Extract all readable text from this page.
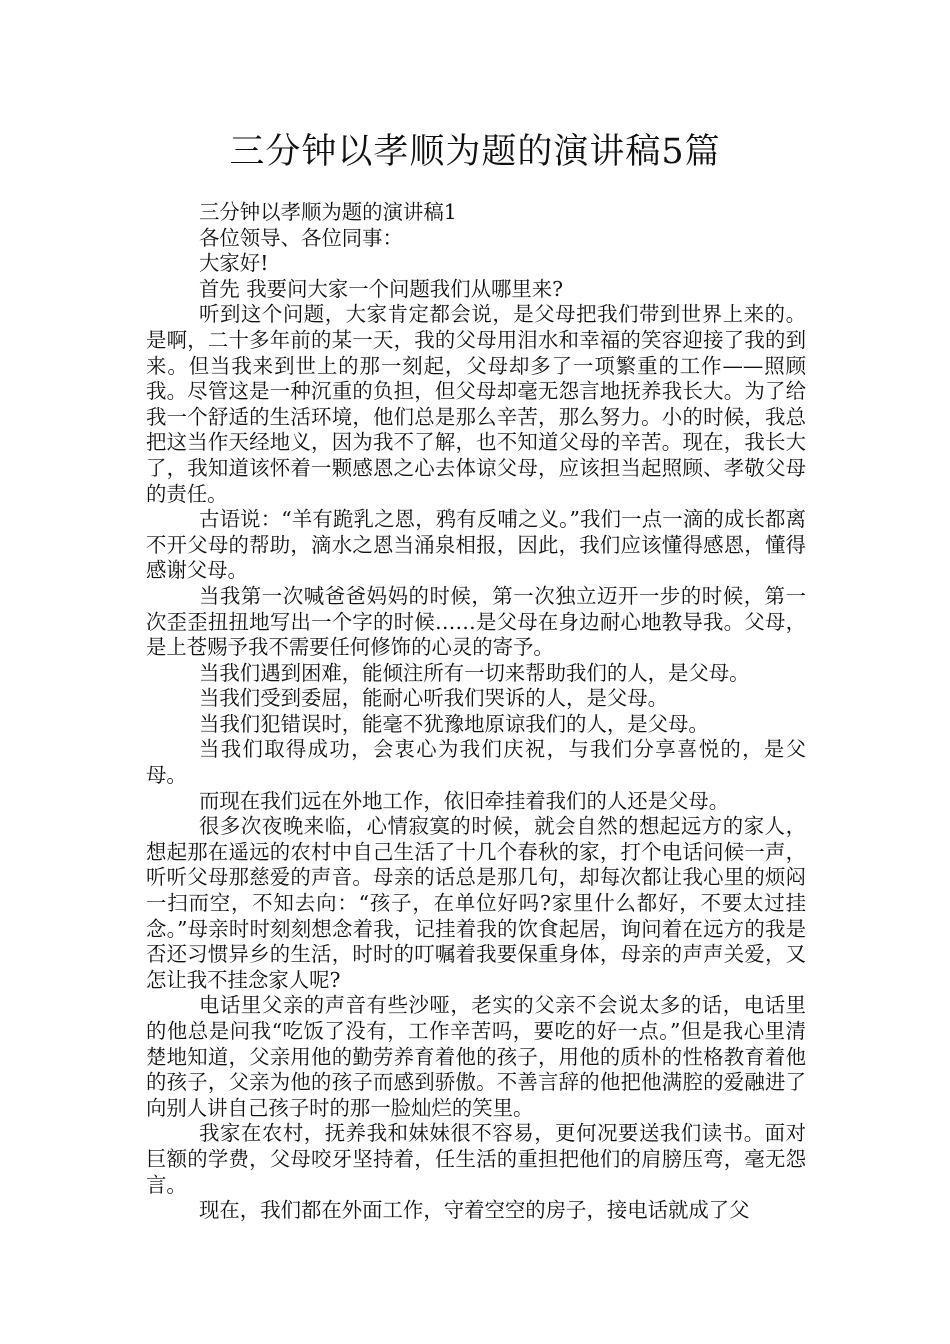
三分钟以孝顺为题的演讲稿5篇

三分钟以孝顺为题的演讲稿1

各位领导、各位同事：

大家好!

首先 我要问大家一个问题我们从哪里来?

听到这个问题，大家肯定都会说，是父母把我们带到世界上来的。是啊，二十多年前的某一天，我的父母用泪水和幸福的笑容迎接了我的到来。但当我来到世上的那一刻起，父母却多了一项繁重的工作——照顾我。尽管这是一种沉重的负担，但父母却毫无怨言地抚养我长大。为了给我一个舒适的生活环境，他们总是那么辛苦，那么努力。小的时候，我总把这当作天经地义，因为我不了解，也不知道父母的辛苦。现在，我长大了，我知道该怀着一颗感恩之心去体谅父母，应该担当起照顾、孝敬父母的责任。

古语说：“羊有跪乳之恩，鸦有反哺之义。”我们一点一滴的成长都离不开父母的帮助，滴水之恩当涌泉相报，因此，我们应该懂得感恩，懂得感谢父母。

当我第一次喊爸爸妈妈的时候，第一次独立迈开一步的时候，第一次歪歪扭扭地写出一个字的时候……是父母在身边耐心地教导我。父母，是上苍赐予我不需要任何修饰的心灵的寄予。

当我们遇到困难，能倾注所有一切来帮助我们的人，是父母。

当我们受到委屈，能耐心听我们哭诉的人，是父母。

当我们犯错误时，能毫不犹豫地原谅我们的人，是父母。

当我们取得成功，会衷心为我们庆祝，与我们分享喜悦的，是父母。

而现在我们远在外地工作，依旧牵挂着我们的人还是父母。

很多次夜晚来临，心情寂寞的时候，就会自然的想起远方的家人，想起那在遥远的农村中自己生活了十几个春秋的家，打个电话问候一声，听听父母那慈爱的声音。母亲的话总是那几句，却每次都让我心里的烦闷一扫而空，不知去向：“孩子，在单位好吗?家里什么都好，不要太过挂念。”母亲时时刻刻想念着我，记挂着我的饮食起居，询问着在远方的我是否还习惯异乡的生活，时时的叮嘱着我要保重身体，母亲的声声关爱，又怎让我不挂念家人呢?

电话里父亲的声音有些沙哑，老实的父亲不会说太多的话，电话里的他总是问我“吃饭了没有，工作辛苦吗，要吃的好一点。”但是我心里清楚地知道，父亲用他的勤劳养育着他的孩子，用他的质朴的性格教育着他的孩子，父亲为他的孩子而感到骄傲。不善言辞的他把他满腔的爱融进了向别人讲自己孩子时的那一脸灿烂的笑里。

我家在农村，抚养我和妹妹很不容易，更何况要送我们读书。面对巨额的学费，父母咬牙坚持着，任生活的重担把他们的肩膀压弯，毫无怨言。

现在，我们都在外面工作，守着空空的房子，接电话就成了父
